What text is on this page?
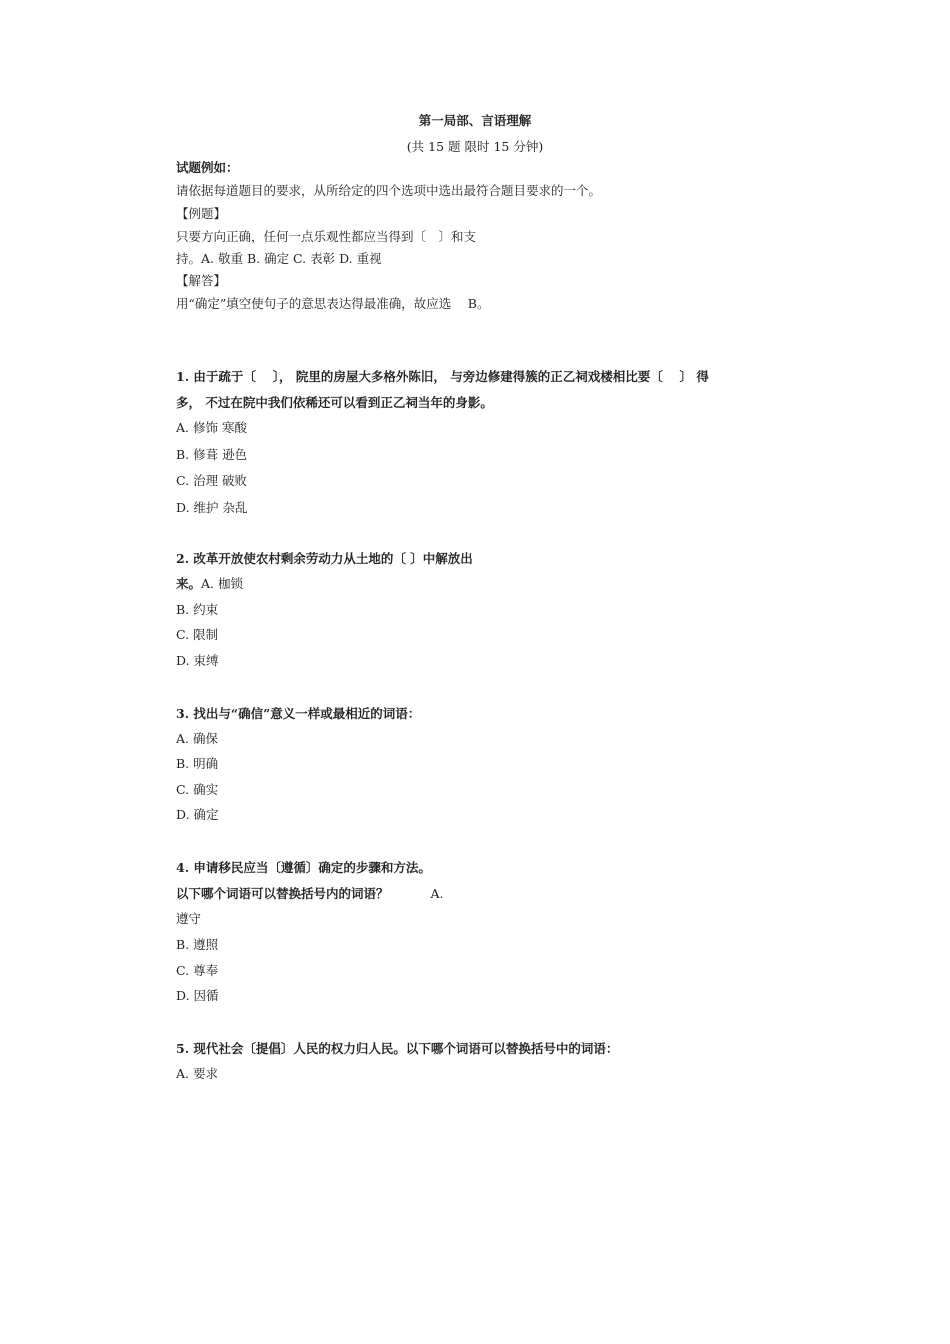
第一局部、言语理解
(共 15 题 限时 15 分钟)
试题例如：
请依据每道题目的要求，从所给定的四个选项中选出最符合题目要求的一个。
【例题】
只要方向正确，任何一点乐观性都应当得到〔　〕和支
持。A. 敬重 B. 确定 C. 表彰 D. 重视
【解答】
用“确定”填空使句子的意思表达得最准确，故应选　 B。
1. 由于疏于〔　 〕， 院里的房屋大多格外陈旧， 与旁边修建得簇的正乙祠戏楼相比要〔　 〕 得
多， 不过在院中我们依稀还可以看到正乙祠当年的身影。
A. 修饰 寒酸
B. 修葺 逊色
C. 治理 破败
D. 维护 杂乱
2. 改革开放使农村剩余劳动力从土地的〔 〕中解放出
来。A. 枷锁
B. 约束
C. 限制
D. 束缚
3. 找出与“确信”意义一样或最相近的词语：
A. 确保
B. 明确
C. 确实
D. 确定
4. 申请移民应当〔遵循〕确定的步骤和方法。
以下哪个词语可以替换括号内的词语？	A.
遵守
B. 遵照
C. 尊奉
D. 因循
5. 现代社会〔提倡〕人民的权力归人民。以下哪个词语可以替换括号中的词语：
A. 要求
